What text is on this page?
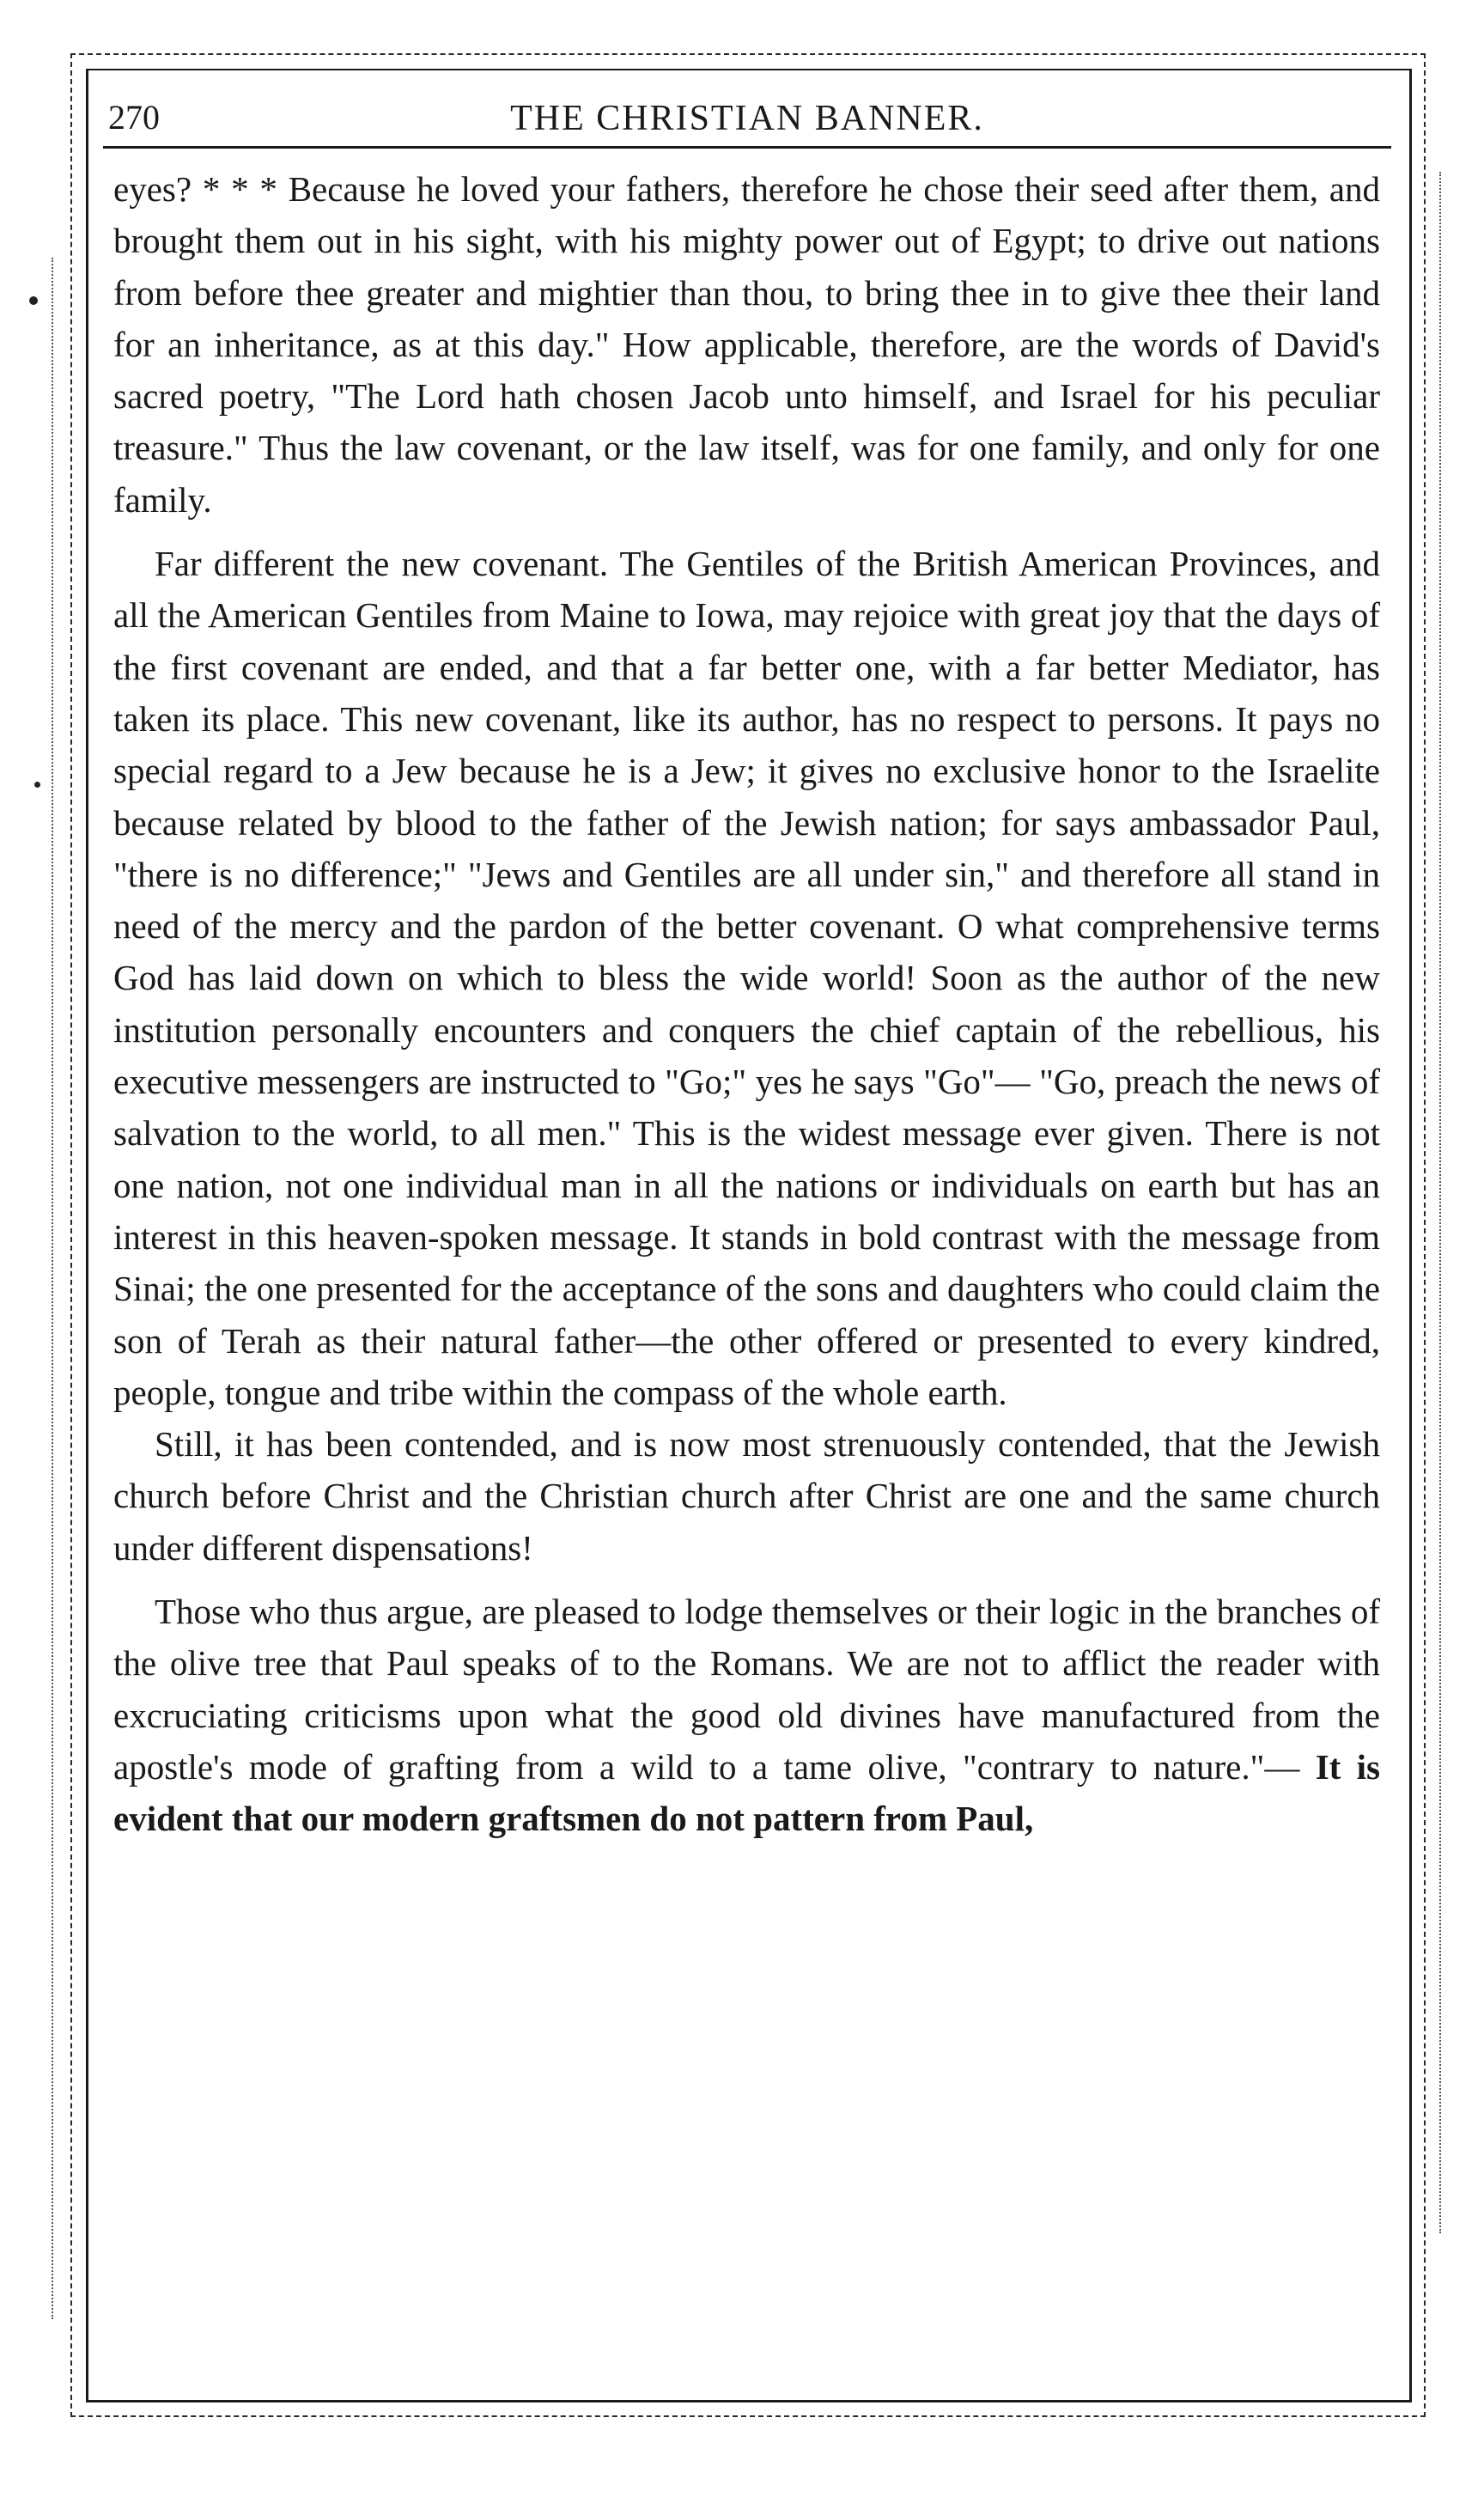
270	THE CHRISTIAN BANNER.

eyes? * * * Because he loved your fathers, therefore he chose their seed after them, and brought them out in his sight, with his mighty power out of Egypt; to drive out nations from before thee greater and mightier than thou, to bring thee in to give thee their land for an inheritance, as at this day." How applicable, therefore, are the words of David's sacred poetry, "The Lord hath chosen Jacob unto himself, and Israel for his peculiar treasure." Thus the law covenant, or the law itself, was for one family, and only for one family.

Far different the new covenant. The Gentiles of the British American Provinces, and all the American Gentiles from Maine to Iowa, may rejoice with great joy that the days of the first covenant are ended, and that a far better one, with a far better Mediator, has taken its place. This new covenant, like its author, has no respect to persons. It pays no special regard to a Jew because he is a Jew; it gives no exclusive honor to the Israelite because related by blood to the father of the Jewish nation; for says ambassador Paul, "there is no difference;" "Jews and Gentiles are all under sin," and therefore all stand in need of the mercy and the pardon of the better covenant. O what comprehensive terms God has laid down on which to bless the wide world! Soon as the author of the new institution personally encounters and conquers the chief captain of the rebellious, his executive messengers are instructed to "Go;" yes he says "Go"— "Go, preach the news of salvation to the world, to all men." This is the widest message ever given. There is not one nation, not one individual man in all the nations or individuals on earth but has an interest in this heaven-spoken message. It stands in bold contrast with the message from Sinai; the one presented for the acceptance of the sons and daughters who could claim the son of Terah as their natural father—the other offered or presented to every kindred, people, tongue and tribe within the compass of the whole earth.

Still, it has been contended, and is now most strenuously contended, that the Jewish church before Christ and the Christian church after Christ are one and the same church under different dispensations!

Those who thus argue, are pleased to lodge themselves or their logic in the branches of the olive tree that Paul speaks of to the Romans. We are not to afflict the reader with excruciating criticisms upon what the good old divines have manufactured from the apostle's mode of grafting from a wild to a tame olive, "contrary to nature."— It is evident that our modern graftsmen do not pattern from Paul,
